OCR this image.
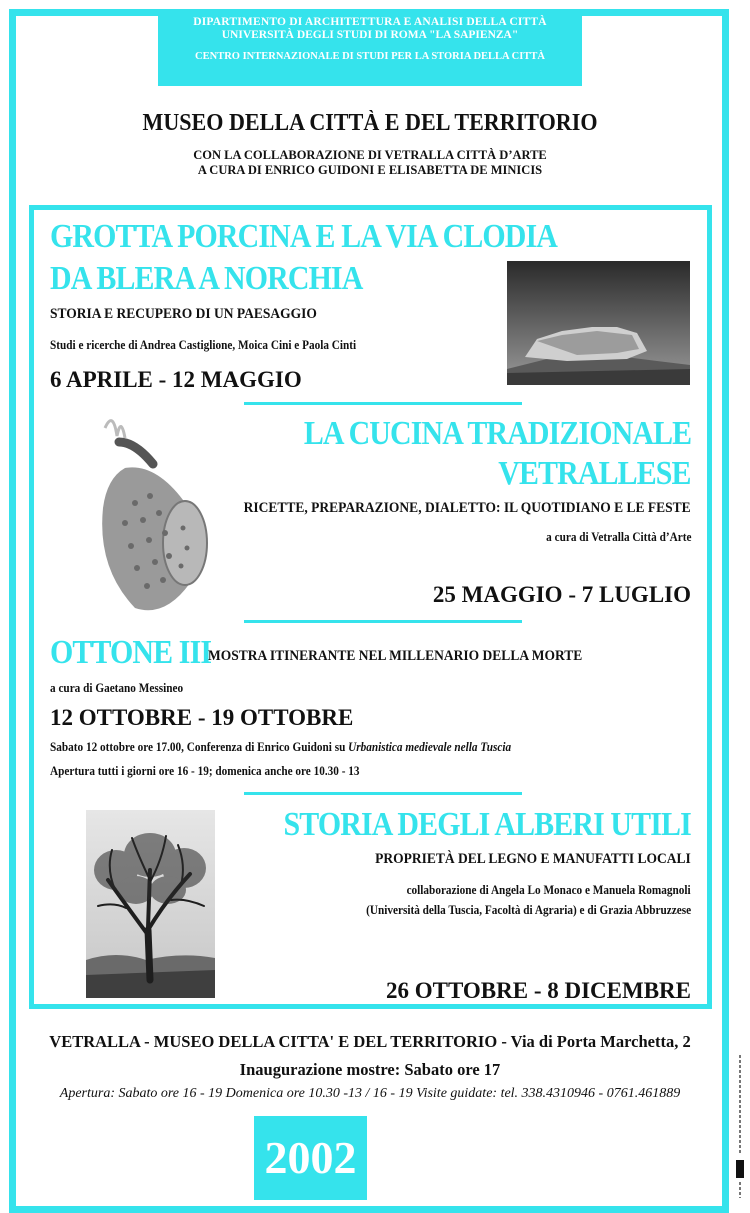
DIPARTIMENTO DI ARCHITETTURA E ANALISI DELLA CITTÀ
UNIVERSITÀ DEGLI STUDI DI ROMA "LA SAPIENZA"
CENTRO INTERNAZIONALE DI STUDI PER LA STORIA DELLA CITTÀ
MUSEO DELLA CITTÀ E DEL TERRITORIO
CON LA COLLABORAZIONE DI VETRALLA CITTÀ D’ARTE
A CURA DI ENRICO GUIDONI E ELISABETTA DE MINICIS
GROTTA PORCINA E LA VIA CLODIA
DA BLERA A NORCHIA
STORIA E RECUPERO DI UN PAESAGGIO
Studi e ricerche di Andrea Castiglione, Moica Cini e Paola Cinti
6 APRILE - 12 MAGGIO
LA CUCINA TRADIZIONALE
VETRALLESE
RICETTE, PREPARAZIONE, DIALETTO: IL QUOTIDIANO E LE FESTE
a cura di Vetralla Città d’Arte
25 MAGGIO - 7 LUGLIO
OTTONE III
MOSTRA ITINERANTE NEL MILLENARIO DELLA MORTE
a cura di Gaetano Messineo
12 OTTOBRE - 19 OTTOBRE
Sabato 12 ottobre ore 17.00, Conferenza di Enrico Guidoni su Urbanistica medievale nella Tuscia
Apertura tutti i giorni ore 16 - 19; domenica anche ore 10.30 - 13
STORIA DEGLI ALBERI UTILI
PROPRIETÀ DEL LEGNO E MANUFATTI LOCALI
collaborazione di Angela Lo Monaco e Manuela Romagnoli
(Università della Tuscia, Facoltà di Agraria) e di Grazia Abbruzzese
26 OTTOBRE - 8 DICEMBRE
VETRALLA - MUSEO DELLA CITTA' E DEL TERRITORIO - Via di Porta Marchetta, 2
Inaugurazione mostre: Sabato ore 17
Apertura: Sabato ore 16 - 19 Domenica ore 10.30 -13 / 16 - 19 Visite guidate: tel. 338.4310946 - 0761.461889
2002
